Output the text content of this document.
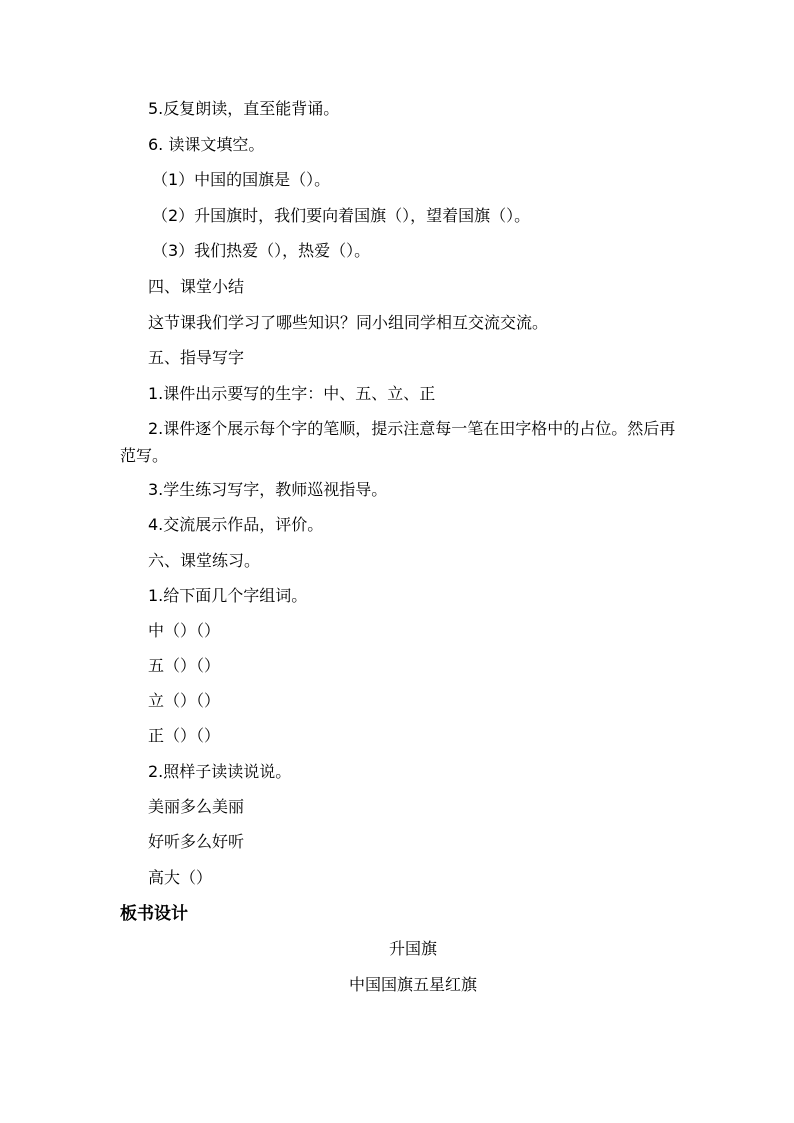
5.反复朗读，直至能背诵。
6. 读课文填空。
（1）中国的国旗是（）。
（2）升国旗时，我们要向着国旗（），望着国旗（）。
（3）我们热爱（），热爱（）。
四、课堂小结
这节课我们学习了哪些知识？同小组同学相互交流交流。
五、指导写字
1.课件出示要写的生字：中、五、立、正
2.课件逐个展示每个字的笔顺，提示注意每一笔在田字格中的占位。然后再范写。
3.学生练习写字，教师巡视指导。
4.交流展示作品，评价。
六、课堂练习。
1.给下面几个字组词。
中（）（）
五（）（）
立（）（）
正（）（）
2.照样子读读说说。
美丽多么美丽
好听多么好听
高大（）
板书设计
升国旗
中国国旗五星红旗
